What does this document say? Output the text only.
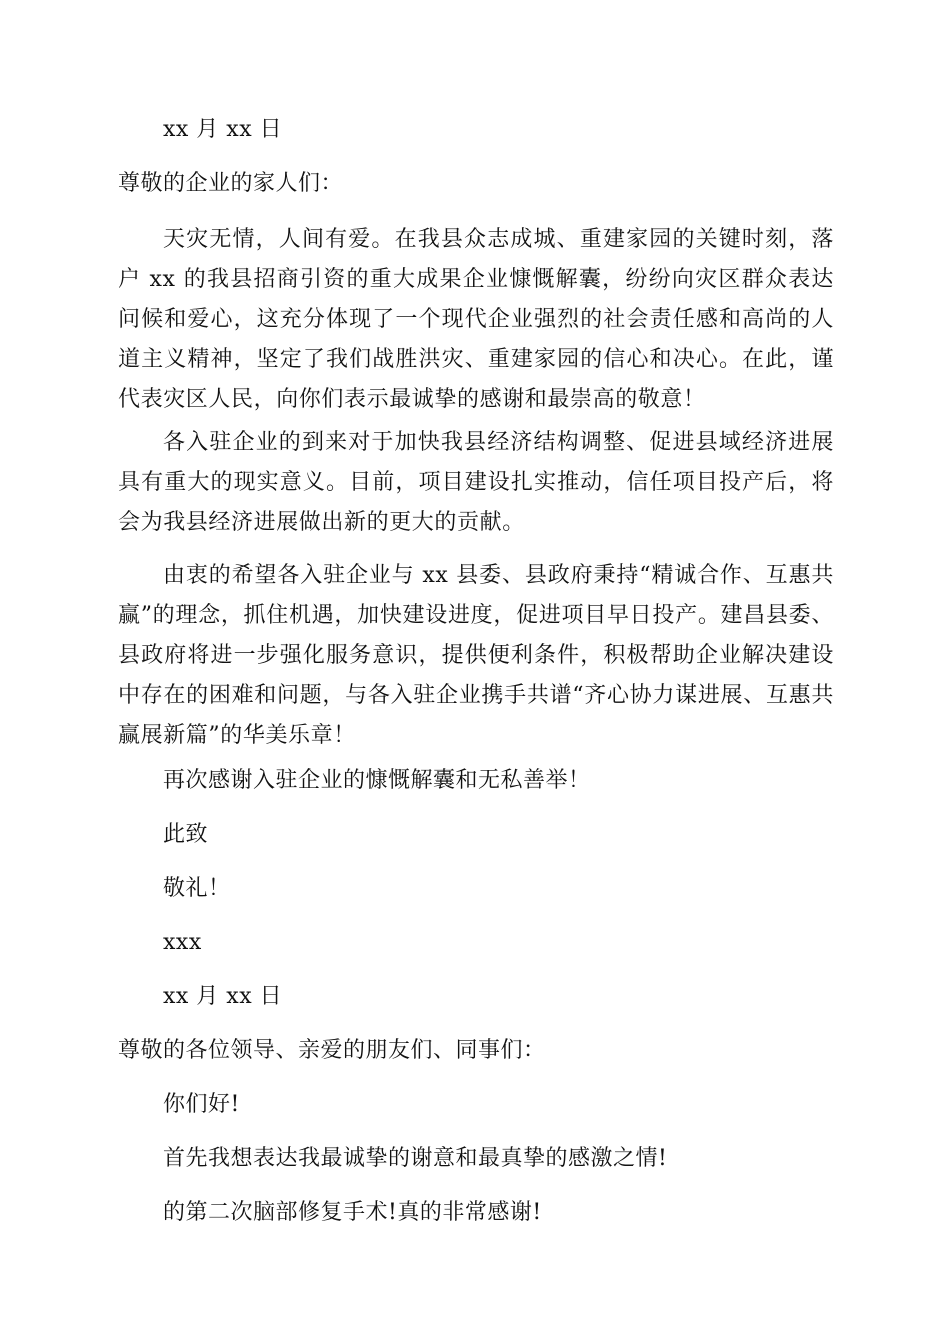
xx 月 xx 日
尊敬的企业的家人们：
天灾无情，人间有爱。在我县众志成城、重建家园的关键时刻，落户 xx 的我县招商引资的重大成果企业慷慨解囊，纷纷向灾区群众表达问候和爱心，这充分体现了一个现代企业强烈的社会责任感和高尚的人道主义精神，坚定了我们战胜洪灾、重建家园的信心和决心。在此，谨代表灾区人民，向你们表示最诚挚的感谢和最崇高的敬意！
各入驻企业的到来对于加快我县经济结构调整、促进县域经济进展具有重大的现实意义。目前，项目建设扎实推动，信任项目投产后，将会为我县经济进展做出新的更大的贡献。
由衷的希望各入驻企业与 xx 县委、县政府秉持“精诚合作、互惠共赢”的理念，抓住机遇，加快建设进度，促进项目早日投产。建昌县委、县政府将进一步强化服务意识，提供便利条件，积极帮助企业解决建设中存在的困难和问题，与各入驻企业携手共谱“齐心协力谋进展、互惠共赢展新篇”的华美乐章！
再次感谢入驻企业的慷慨解囊和无私善举！
此致
敬礼！
xxx
xx 月 xx 日
尊敬的各位领导、亲爱的朋友们、同事们：
你们好!
首先我想表达我最诚挚的谢意和最真挚的感激之情!
的第二次脑部修复手术!真的非常感谢!
